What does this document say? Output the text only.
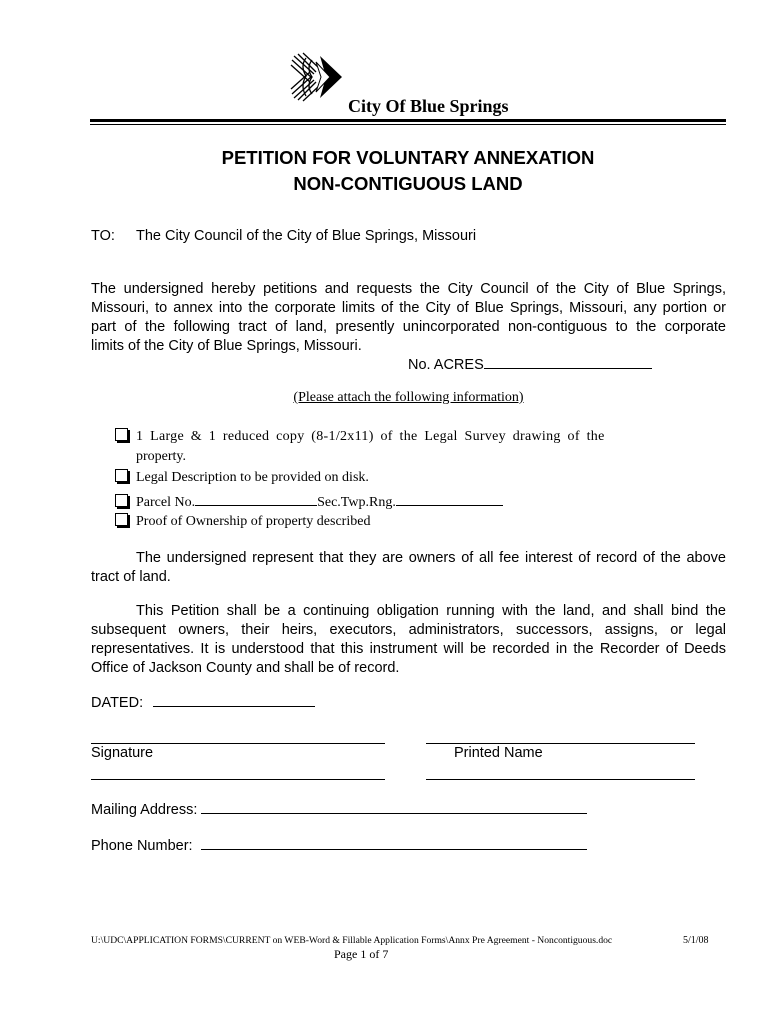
City Of Blue Springs
PETITION FOR VOLUNTARY ANNEXATION
NON-CONTIGUOUS LAND
TO: The City Council of the City of Blue Springs, Missouri
The undersigned hereby petitions and requests the City Council of the City of Blue Springs,
Missouri, to annex into the corporate limits of the City of Blue Springs, Missouri, any portion or
part of the following tract of land, presently unincorporated non-contiguous to the corporate
limits of the City of Blue Springs, Missouri.
No. ACRES
(Please attach the following information)
1 Large & 1 reduced copy (8-1/2x11) of the Legal Survey drawing of the
property.
Legal Description to be provided on disk.
Parcel No.	Sec.Twp.Rng.
Proof of Ownership of property described
The undersigned represent that they are owners of all fee interest of record of the above
tract of land.
This Petition shall be a continuing obligation running with the land, and shall bind the
subsequent owners, their heirs, executors, administrators, successors, assigns, or legal
representatives. It is understood that this instrument will be recorded in the Recorder of Deeds
Office of Jackson County and shall be of record.
DATED:
Signature	Printed Name
Mailing Address:
Phone Number:
U:\UDC\APPLICATION FORMS\CURRENT on WEB-Word & Fillable Application Forms\Annx Pre Agreement - Noncontiguous.doc	5/1/08
Page 1 of 7
